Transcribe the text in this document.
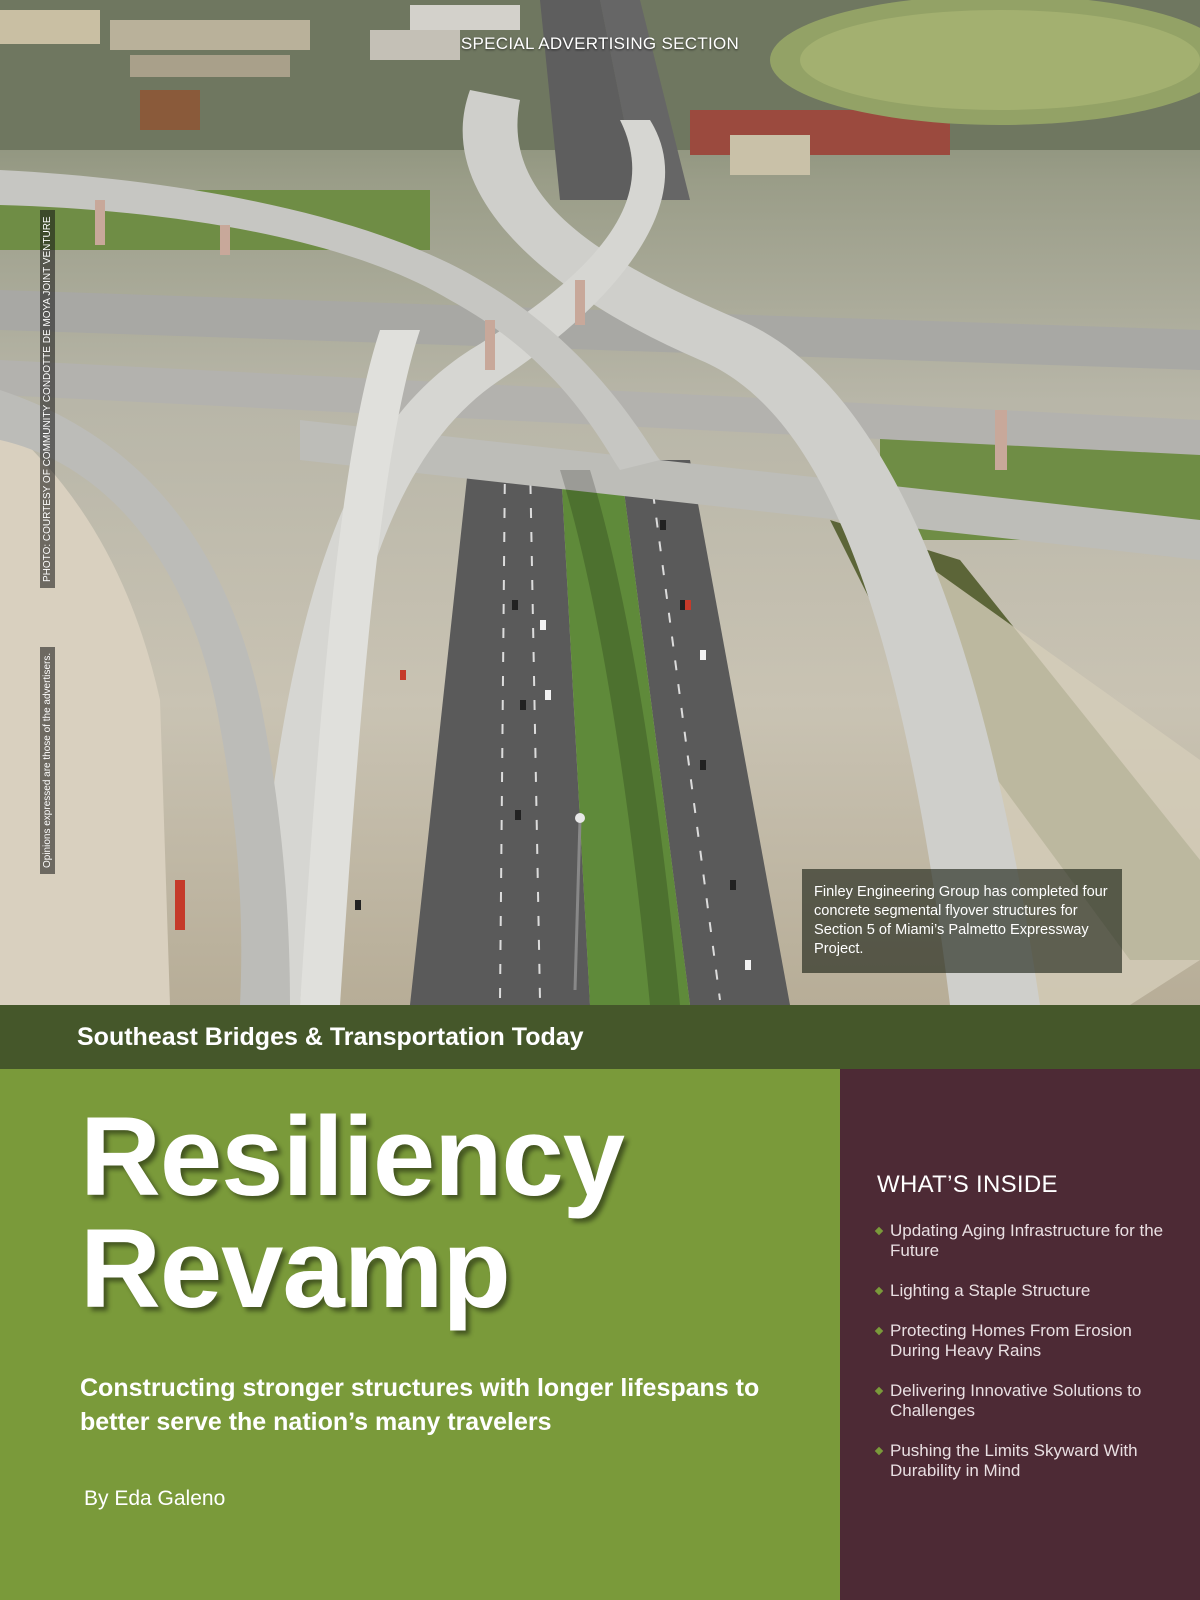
SPECIAL ADVERTISING SECTION
PHOTO: COURTESY OF COMMUNITY CONDOTTE DE MOYA JOINT VENTURE
Opinions expressed are those of the advertisers.
Finley Engineering Group has completed four concrete segmental flyover structures for Section 5 of Miami’s Palmetto Expressway Project.
Southeast Bridges & Transportation Today
Resiliency
Revamp

Constructing stronger structures with longer lifespans to better serve the nation’s many travelers

By Eda Galeno
WHAT’S INSIDE
Updating Aging Infrastructure for the Future
Lighting a Staple Structure
Protecting Homes From Erosion During Heavy Rains
Delivering Innovative Solutions to Challenges
Pushing the Limits Skyward With Durability in Mind
